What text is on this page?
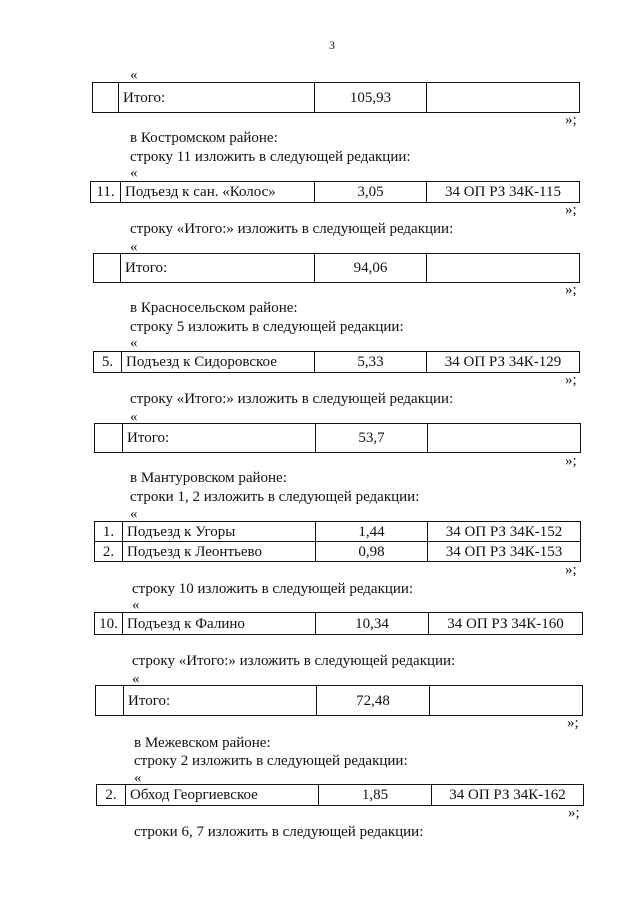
3
«
	Итого:	105,93	
»;
в Костромском районе:
строку 11 изложить в следующей редакции:
«
11.	Подъезд к сан. «Колос»	3,05	34 ОП РЗ 34К-115
»;
строку «Итого:» изложить в следующей редакции:
«
	Итого:	94,06	
»;
в Красносельском районе:
строку 5 изложить в следующей редакции:
«
5.	Подъезд к Сидоровское	5,33	34 ОП РЗ 34К-129
»;
строку «Итого:» изложить в следующей редакции:
«
	Итого:	53,7	
»;
в Мантуровском районе:
строки 1, 2 изложить в следующей редакции:
«
1.	Подъезд к Угоры	1,44	34 ОП РЗ 34К-152
2.	Подъезд к Леонтьево	0,98	34 ОП РЗ 34К-153
»;
строку 10 изложить в следующей редакции:
«
10.	Подъезд к Фалино	10,34	34 ОП РЗ 34К-160
строку «Итого:» изложить в следующей редакции:
«
	Итого:	72,48	
»;
в Межевском районе:
строку 2 изложить в следующей редакции:
«
2.	Обход Георгиевское	1,85	34 ОП РЗ 34К-162
»;
строки 6, 7 изложить в следующей редакции:
